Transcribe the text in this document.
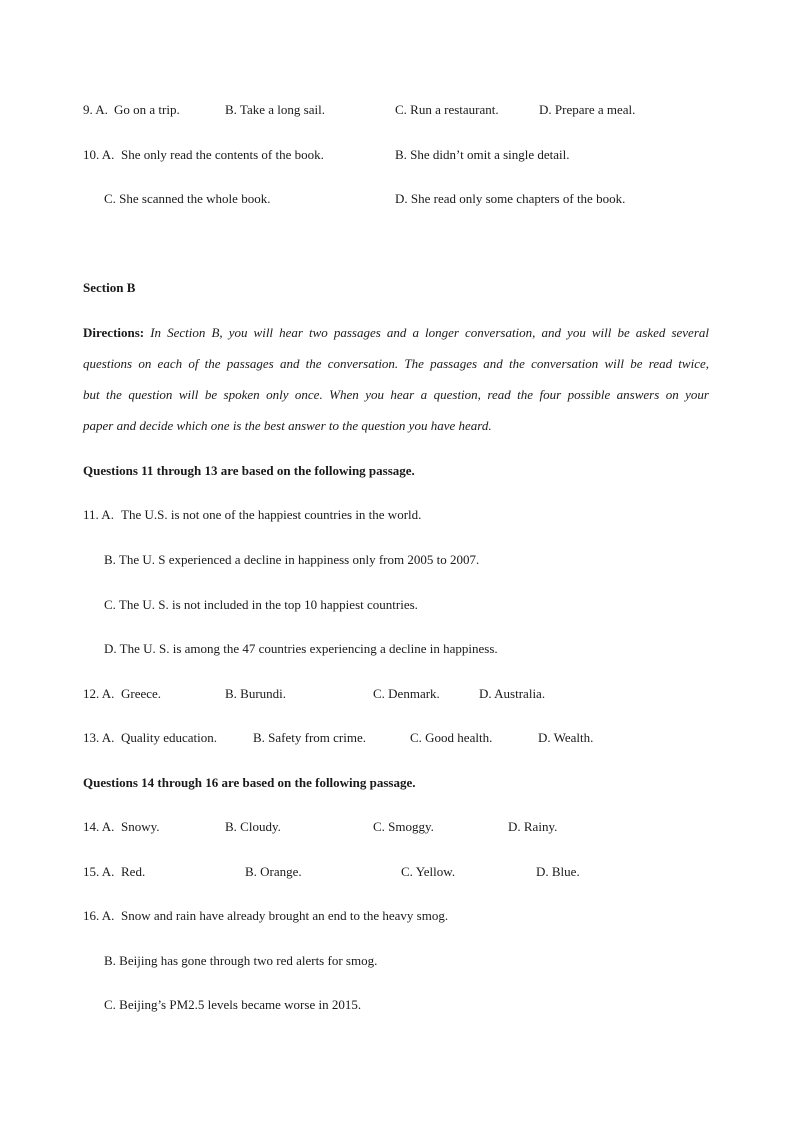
9. A. Go on a trip.	B. Take a long sail.	C. Run a restaurant.	D. Prepare a meal.
10. A. She only read the contents of the book.	B. She didn’t omit a single detail.
C. She scanned the whole book.	D. She read only some chapters of the book.
Section B
Directions: In Section B, you will hear two passages and a longer conversation, and you will be asked several
questions on each of the passages and the conversation. The passages and the conversation will be read twice,
but the question will be spoken only once. When you hear a question, read the four possible answers on your
paper and decide which one is the best answer to the question you have heard.
Questions 11 through 13 are based on the following passage.
11. A. The U.S. is not one of the happiest countries in the world.
B. The U. S experienced a decline in happiness only from 2005 to 2007.
C. The U. S. is not included in the top 10 happiest countries.
D. The U. S. is among the 47 countries experiencing a decline in happiness.
12. A. Greece.	B. Burundi.	C. Denmark.	D. Australia.
13. A. Quality education.	B. Safety from crime.	C. Good health.	D. Wealth.
Questions 14 through 16 are based on the following passage.
14. A. Snowy.	B. Cloudy.	C. Smoggy.	D. Rainy.
15. A. Red.	B. Orange.	C. Yellow.	D. Blue.
16. A. Snow and rain have already brought an end to the heavy smog.
B. Beijing has gone through two red alerts for smog.
C. Beijing’s PM2.5 levels became worse in 2015.
